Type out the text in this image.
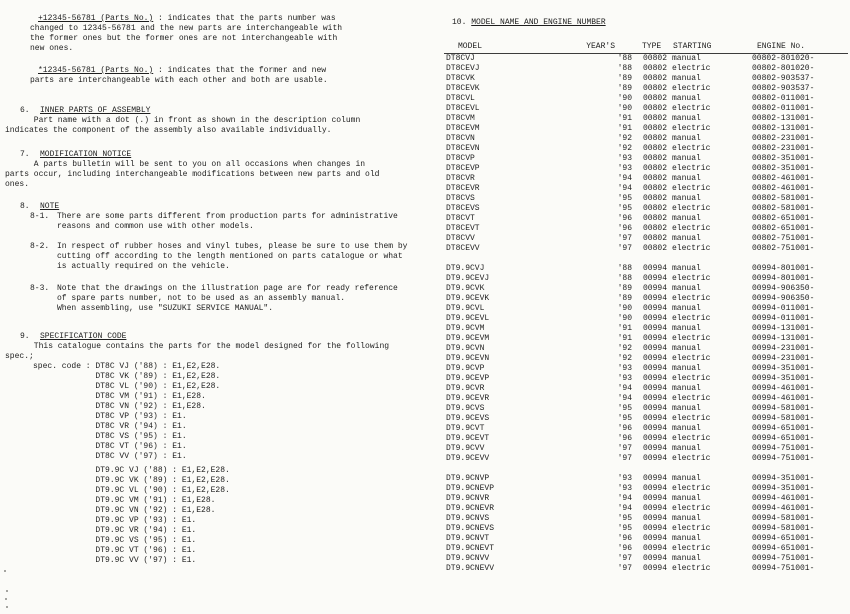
+12345-56781 (Parts No.) : indicates that the parts number was
changed to 12345-56781 and the new parts are interchangeable with
the former ones but the former ones are not interchangeable with
new ones.
*12345-56781 (Parts No.) : indicates that the former and new
parts are interchangeable with each other and both are usable.
6. INNER PARTS OF ASSEMBLY
Part name with a dot (.) in front as shown in the description column
indicates the component of the assembly also available individually.
7. MODIFICATION NOTICE
A parts bulletin will be sent to you on all occasions when changes in
parts occur, including interchangeable modifications between new parts and old
ones.
8. NOTE
8-1. There are some parts different from production parts for administrative
reasons and common use with other models.
8-2. In respect of rubber hoses and vinyl tubes, please be sure to use them by
cutting off according to the length mentioned on parts catalogue or what
is actually required on the vehicle.
8-3. Note that the drawings on the illustration page are for ready reference
of spare parts number, not to be used as an assembly manual.
When assembling, use "SUZUKI SERVICE MANUAL".
9. SPECIFICATION CODE
This catalogue contains the parts for the model designed for the following
spec.;
spec. code : DT8C VJ ('88) : E1,E2,E28.
DT8C VK ('89) : E1,E2,E28.
DT8C VL ('90) : E1,E2,E28.
DT8C VM ('91) : E1,E28.
DT8C VN ('92) : E1,E28.
DT8C VP ('93) : E1.
DT8C VR ('94) : E1.
DT8C VS ('95) : E1.
DT8C VT ('96) : E1.
DT8C VV ('97) : E1.
DT9.9C VJ ('88) : E1,E2,E28.
DT9.9C VK ('89) : E1,E2,E28.
DT9.9C VL ('90) : E1,E2,E28.
DT9.9C VM ('91) : E1,E28.
DT9.9C VN ('92) : E1,E28.
DT9.9C VP ('93) : E1.
DT9.9C VR ('94) : E1.
DT9.9C VS ('95) : E1.
DT9.9C VT ('96) : E1.
DT9.9C VV ('97) : E1.
10. MODEL NAME AND ENGINE NUMBER
MODEL	YEAR'S	TYPE	STARTING	ENGINE No.
DT8CVJ	'88	00802	manual	00802-801020-
DT8CEVJ	'88	00802	electric	00802-801020-
DT8CVK	'89	00802	manual	00802-903537-
DT8CEVK	'89	00802	electric	00802-903537-
DT8CVL	'90	00802	manual	00802-011001-
DT8CEVL	'90	00802	electric	00802-011001-
DT8CVM	'91	00802	manual	00802-131001-
DT8CEVM	'91	00802	electric	00802-131001-
DT8CVN	'92	00802	manual	00802-231001-
DT8CEVN	'92	00802	electric	00802-231001-
DT8CVP	'93	00802	manual	00802-351001-
DT8CEVP	'93	00802	electric	00802-351001-
DT8CVR	'94	00802	manual	00802-461001-
DT8CEVR	'94	00802	electric	00802-461001-
DT8CVS	'95	00802	manual	00802-581001-
DT8CEVS	'95	00802	electric	00802-581001-
DT8CVT	'96	00802	manual	00802-651001-
DT8CEVT	'96	00802	electric	00802-651001-
DT8CVV	'97	00802	manual	00802-751001-
DT8CEVV	'97	00802	electric	00802-751001-

DT9.9CVJ	'88	00994	manual	00994-801001-
DT9.9CEVJ	'88	00994	electric	00994-801001-
DT9.9CVK	'89	00994	manual	00994-906350-
DT9.9CEVK	'89	00994	electric	00994-906350-
DT9.9CVL	'90	00994	manual	00994-011001-
DT9.9CEVL	'90	00994	electric	00994-011001-
DT9.9CVM	'91	00994	manual	00994-131001-
DT9.9CEVM	'91	00994	electric	00994-131001-
DT9.9CVN	'92	00994	manual	00994-231001-
DT9.9CEVN	'92	00994	electric	00994-231001-
DT9.9CVP	'93	00994	manual	00994-351001-
DT9.9CEVP	'93	00994	electric	00994-351001-
DT9.9CVR	'94	00994	manual	00994-461001-
DT9.9CEVR	'94	00994	electric	00994-461001-
DT9.9CVS	'95	00994	manual	00994-581001-
DT9.9CEVS	'95	00994	electric	00994-581001-
DT9.9CVT	'96	00994	manual	00994-651001-
DT9.9CEVT	'96	00994	electric	00994-651001-
DT9.9CVV	'97	00994	manual	00994-751001-
DT9.9CEVV	'97	00994	electric	00994-751001-

DT9.9CNVP	'93	00994	manual	00994-351001-
DT9.9CNEVP	'93	00994	electric	00994-351001-
DT9.9CNVR	'94	00994	manual	00994-461001-
DT9.9CNEVR	'94	00994	electric	00994-461001-
DT9.9CNVS	'95	00994	manual	00994-581001-
DT9.9CNEVS	'95	00994	electric	00994-581001-
DT9.9CNVT	'96	00994	manual	00994-651001-
DT9.9CNEVT	'96	00994	electric	00994-651001-
DT9.9CNVV	'97	00994	manual	00994-751001-
DT9.9CNEVV	'97	00994	electric	00994-751001-
